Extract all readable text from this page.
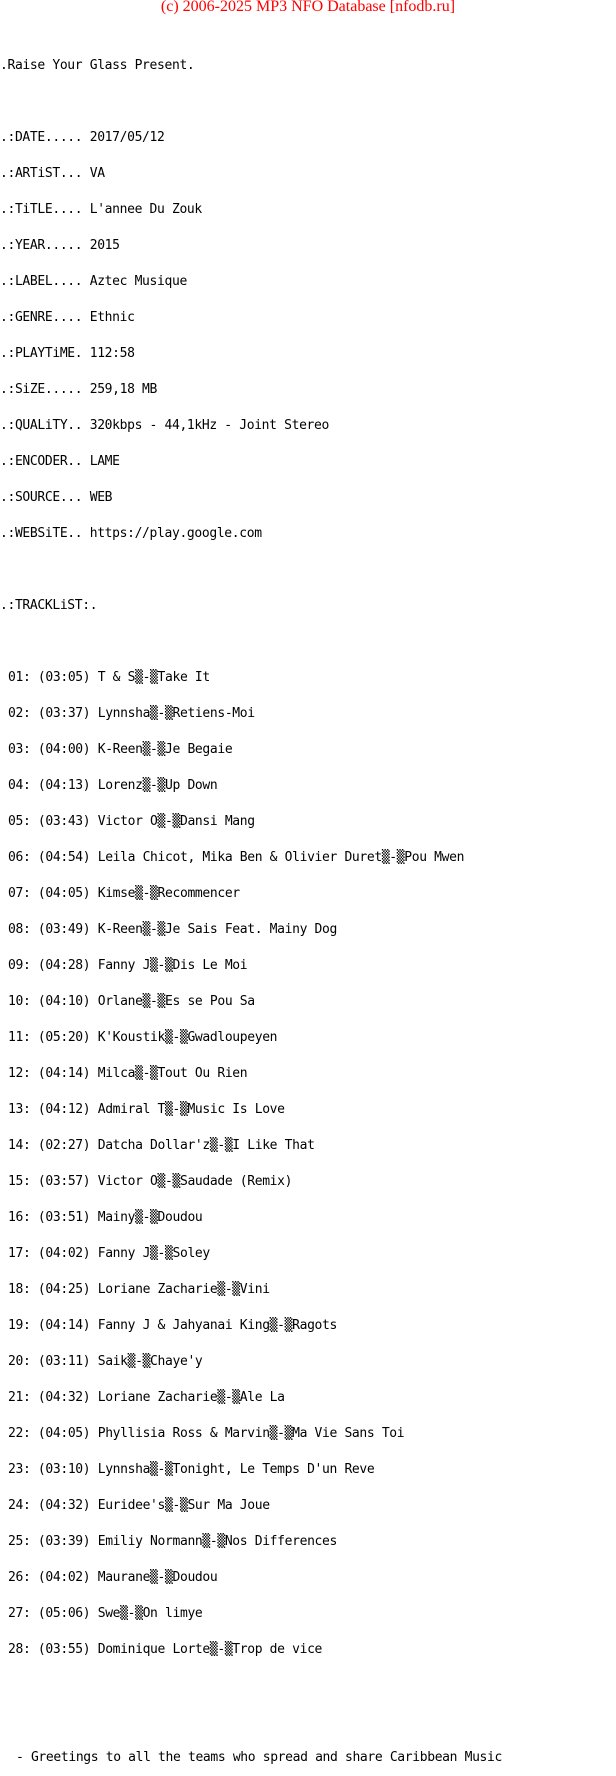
(c) 2006-2025 MP3 NFO Database [nfodb.ru]

.Raise Your Glass Present.

.:DATE..... 2017/05/12

.:ARTiST... VA

.:TiTLE.... L'annee Du Zouk

.:YEAR..... 2015

.:LABEL.... Aztec Musique

.:GENRE.... Ethnic

.:PLAYTiME. 112:58

.:SiZE..... 259,18 MB

.:QUALiTY.. 320kbps - 44,1kHz - Joint Stereo

.:ENCODER.. LAME

.:SOURCE... WEB

.:WEBSiTE.. https://play.google.com

.:TRACKLiST:.

01: (03:05) T & S▒-▒Take It

02: (03:37) Lynnsha▒-▒Retiens-Moi

03: (04:00) K-Reen▒-▒Je Begaie

04: (04:13) Lorenz▒-▒Up Down

05: (03:43) Victor O▒-▒Dansi Mang

06: (04:54) Leila Chicot, Mika Ben & Olivier Duret▒-▒Pou Mwen

07: (04:05) Kimse▒-▒Recommencer

08: (03:49) K-Reen▒-▒Je Sais Feat. Mainy Dog

09: (04:28) Fanny J▒-▒Dis Le Moi

10: (04:10) Orlane▒-▒Es se Pou Sa

11: (05:20) K'Koustik▒-▒Gwadloupeyen

12: (04:14) Milca▒-▒Tout Ou Rien

13: (04:12) Admiral T▒-▒Music Is Love

14: (02:27) Datcha Dollar'z▒-▒I Like That

15: (03:57) Victor O▒-▒Saudade (Remix)

16: (03:51) Mainy▒-▒Doudou

17: (04:02) Fanny J▒-▒Soley

18: (04:25) Loriane Zacharie▒-▒Vini

19: (04:14) Fanny J & Jahyanai King▒-▒Ragots

20: (03:11) Saik▒-▒Chaye'y

21: (04:32) Loriane Zacharie▒-▒Ale La

22: (04:05) Phyllisia Ross & Marvin▒-▒Ma Vie Sans Toi

23: (03:10) Lynnsha▒-▒Tonight, Le Temps D'un Reve

24: (04:32) Euridee's▒-▒Sur Ma Joue

25: (03:39) Emiliy Normann▒-▒Nos Differences

26: (04:02) Maurane▒-▒Doudou

27: (05:06) Swe▒-▒On limye

28: (03:55) Dominique Lorte▒-▒Trop de vice

- Greetings to all the teams who spread and share Caribbean Music
